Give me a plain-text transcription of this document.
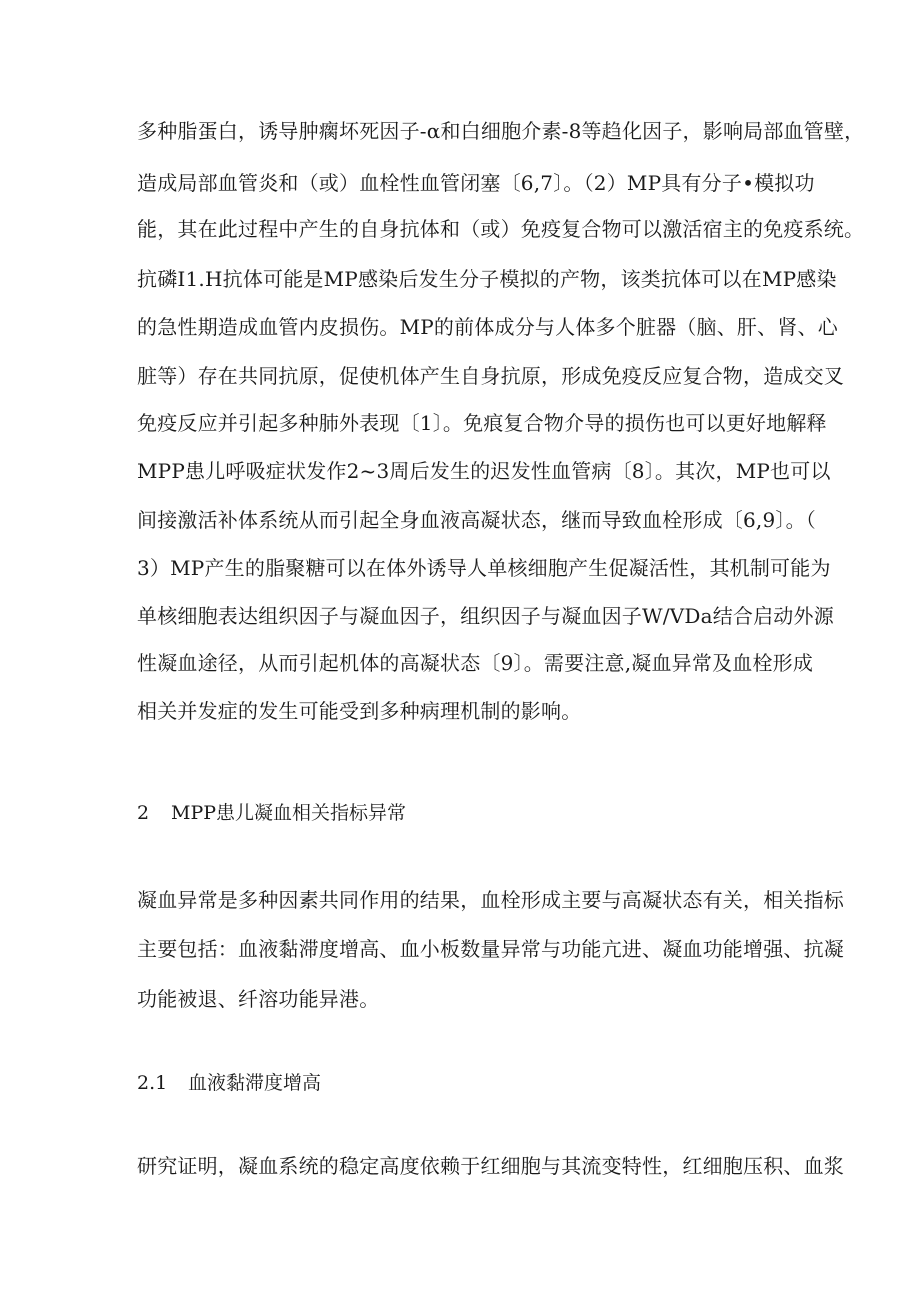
多种脂蛋白，诱导肿瘸坏死因子-α和白细胞介素-8等趋化因子，影响局部血管壁，
造成局部血管炎和（或）血栓性血管闭塞〔6,7〕。（2）MP具有分子•模拟功
能，其在此过程中产生的自身抗体和（或）免疫复合物可以激活宿主的免疫系统。
抗磷I1.H抗体可能是MP感染后发生分子模拟的产物，该类抗体可以在MP感染
的急性期造成血管内皮损伤。MP的前体成分与人体多个脏器（脑、肝、肾、心
脏等）存在共同抗原，促使机体产生自身抗原，形成免疫反应复合物，造成交叉
免疫反应并引起多种肺外表现〔1〕。免痕复合物介导的损伤也可以更好地解释
MPP患儿呼吸症状发作2~3周后发生的迟发性血管病〔8〕。其次，MP也可以
间接激活补体系统从而引起全身血液高凝状态，继而导致血栓形成〔6,9〕。（
3）MP产生的脂聚糖可以在体外诱导人单核细胞产生促凝活性，其机制可能为
单核细胞表达组织因子与凝血因子，组织因子与凝血因子W/VDa结合启动外源
性凝血途径，从而引起机体的高凝状态〔9〕。需要注意,凝血异常及血栓形成
相关并发症的发生可能受到多种病理机制的影响。
2 MPP患儿凝血相关指标异常
凝血异常是多种因素共同作用的结果，血栓形成主要与高凝状态有关，相关指标
主要包括：血液黏滞度增高、血小板数量异常与功能亢进、凝血功能增强、抗凝
功能被退、纤溶功能异港。
2.1 血液黏滞度增高
研究证明，凝血系统的稳定高度依赖于红细胞与其流变特性，红细胞压积、血浆
